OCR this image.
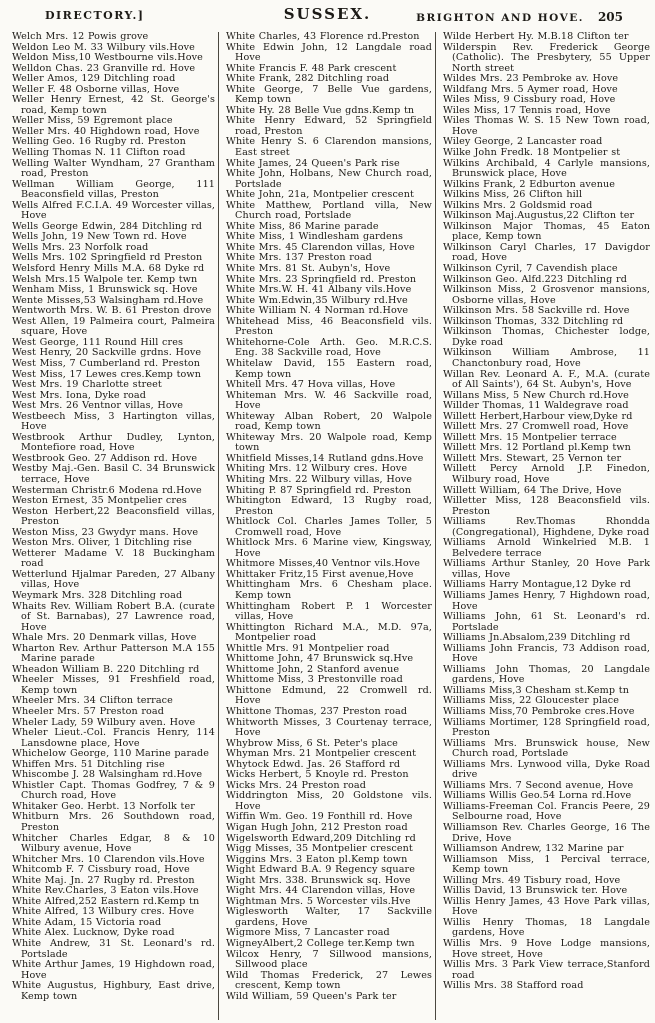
DIRECTORY.]	SUSSEX.	BRIGHTON AND HOVE. 205
Welch Mrs. 12 Powis grove
Weldon Leo M. 33 Wilbury vils.Hove
Weldon Miss,10 Westbourne vils.Hove
Welldon Chas. 23 Granville rd. Hove
Weller Amos, 129 Ditchling road
Weller F. 48 Osborne villas, Hove
Weller Henry Ernest, 42 St. George's road, Kemp town
Weller Miss, 59 Egremont place
Weller Mrs. 40 Highdown road, Hove
Welling Geo. 16 Rugby rd. Preston
Welling Thomas N. 11 Clifton road
Welling Walter Wyndham, 27 Grantham road, Preston
Wellman William George, 111 Beaconsfield villas, Preston
Wells Alfred F.C.I.A. 49 Worcester villas, Hove
Wells George Edwin, 284 Ditchling rd
Wells John, 19 New Town rd. Hove
Wells Mrs. 23 Norfolk road
Wells Mrs. 102 Springfield rd Preston
Welsford Henry Mills M.A. 68 Dyke rd
Welsh Mrs.15 Walpole ter. Kemp twn
Wenham Miss, 1 Brunswick sq. Hove
Wente Misses,53 Walsingham rd.Hove
Wentworth Mrs. W. B. 61 Preston drove
West Allen, 19 Palmeira court, Palmeira square, Hove
West George, 111 Round Hill cres
West Henry, 20 Sackville grdns. Hove
West Miss, 7 Cumberland rd. Preston
West Miss, 17 Lewes cres.Kemp town
West Mrs. 19 Charlotte street
West Mrs. Iona, Dyke road
West Mrs. 26 Ventnor villas, Hove
Westbeech Miss, 3 Hartington villas, Hove
Westbrook Arthur Dudley, Lynton, Montefiore road, Hove
Westbrook Geo. 27 Addison rd. Hove
Westby Maj.-Gen. Basil C. 34 Brunswick terrace, Hove
Westerman Christr.6 Modena rd.Hove
Weston Ernest, 35 Montpelier cres
Weston Herbert,22 Beaconsfield villas, Preston
Weston Miss, 23 Gwydyr mans. Hove
Weston Mrs. Oliver, 1 Ditchling rise
Wetterer Madame V. 18 Buckingham road
Wetterlund Hjalmar Pareden, 27 Albany villas, Hove
Weymark Mrs. 328 Ditchling road
Whaits Rev. William Robert B.A. (curate of St. Barnabas), 27 Lawrence road, Hove
Whale Mrs. 20 Denmark villas, Hove
Wharton Rev. Arthur Patterson M.A 155 Marine parade
Wheadon William B. 220 Ditchling rd
Wheeler Misses, 91 Freshfield road, Kemp town
Wheeler Mrs. 34 Clifton terrace
Wheeler Mrs. 57 Preston road
Wheler Lady, 59 Wilbury aven. Hove
Wheler Lieut.-Col. Francis Henry, 114 Lansdowne place, Hove
Whichelow George, 110 Marine parade
Whiffen Mrs. 51 Ditchling rise
Whiscombe J. 28 Walsingham rd.Hove
Whistler Capt. Thomas Godfrey, 7 & 9 Church road, Hove
Whitaker Geo. Herbt. 13 Norfolk ter
Whitburn Mrs. 26 Southdown road, Preston
Whitcher Charles Edgar, 8 & 10 Wilbury avenue, Hove
Whitcher Mrs. 10 Clarendon vils.Hove
Whitcomb F. 7 Cissbury road, Hove
White Maj. Jn. 27 Rugby rd. Preston
White Rev.Charles, 3 Eaton vils.Hove
White Alfred,252 Eastern rd.Kemp tn
White Alfred, 13 Wilbury cres. Hove
White Adam, 15 Victoria road
White Alex. Lucknow, Dyke road
White Andrew, 31 St. Leonard's rd. Portslade
White Arthur James, 19 Highdown road, Hove
White Augustus, Highbury, East drive, Kemp town
White Charles, 43 Florence rd.Preston
White Edwin John, 12 Langdale road Hove
White Francis F. 48 Park crescent
White Frank, 282 Ditchling road
White George, 7 Belle Vue gardens, Kemp town
White Hy. 28 Belle Vue gdns.Kemp tn
White Henry Edward, 52 Springfield road, Preston
White Henry S. 6 Clarendon mansions, East street
White James, 24 Queen's Park rise
White John, Holbans, New Church road, Portslade
White John, 21a, Montpelier crescent
White Matthew, Portland villa, New Church road, Portslade
White Miss, 86 Marine parade
White Miss, 1 Windlesham gardens
White Mrs. 45 Clarendon villas, Hove
White Mrs. 137 Preston road
White Mrs. 81 St. Aubyn's, Hove
White Mrs. 23 Springfield rd. Preston
White Mrs.W. H. 41 Albany vils.Hove
White Wm.Edwin,35 Wilbury rd.Hve
White William N. 4 Norman rd.Hove
Whitehead Miss, 46 Beaconsfield vils. Preston
Whitehorne-Cole Arth. Geo. M.R.C.S. Eng. 38 Sackville road, Hove
Whitelaw David, 155 Eastern road, Kemp town
Whitell Mrs. 47 Hova villas, Hove
Whiteman Mrs. W. 46 Sackville road, Hove
Whiteway Alban Robert, 20 Walpole road, Kemp town
Whiteway Mrs. 20 Walpole road, Kemp town
Whitfield Misses,14 Rutland gdns.Hove
Whiting Mrs. 12 Wilbury cres. Hove
Whiting Mrs. 22 Wilbury villas, Hove
Whiting P. 87 Springfield rd. Preston
Whitington Edward, 13 Rugby road, Preston
Whitlock Col. Charles James Toller, 5 Cromwell road, Hove
Whitlock Mrs. 6 Marine view, Kingsway, Hove
Whitmore Misses,40 Ventnor vils.Hove
Whittaker Fritz,15 First avenue,Hove
Whittingham Mrs. 6 Chesham place. Kemp town
Whittingham Robert P. 1 Worcester villas, Hove
Whittington Richard M.A., M.D. 97a, Montpelier road
Whittle Mrs. 91 Montpelier road
Whittome John, 47 Brunswick sq.Hve
Whittome John, 2 Stanford avenue
Whittome Miss, 3 Prestonville road
Whittone Edmund, 22 Cromwell rd. Hove
Whittone Thomas, 237 Preston road
Whitworth Misses, 3 Courtenay terrace, Hove
Whybrow Miss, 6 St. Peter's place
Whyman Mrs. 21 Montpelier crescent
Whytock Edwd. Jas. 26 Stafford rd
Wicks Herbert, 5 Knoyle rd. Preston
Wicks Mrs. 24 Preston road
Widdrington Miss, 20 Goldstone vils. Hove
Wiffin Wm. Geo. 19 Fonthill rd. Hove
Wigan Hugh John, 212 Preston road
Wigelsworth Edward,209 Ditchling rd
Wigg Misses, 35 Montpelier crescent
Wiggins Mrs. 3 Eaton pl.Kemp town
Wight Edward B.A. 9 Regency square
Wight Mrs. 338. Brunswick sq. Hove
Wight Mrs. 44 Clarendon villas, Hove
Wightman Mrs. 5 Worcester vils.Hve
Wiglesworth Walter, 17 Sackville gardens, Hove
Wigmore Miss, 7 Lancaster road
WigneyAlbert,2 College ter.Kemp twn
Wilcox Henry, 7 Sillwood mansions, Sillwood place
Wild Thomas Frederick, 27 Lewes crescent, Kemp town
Wild William, 59 Queen's Park ter
Wilde Herbert Hy. M.B.18 Clifton ter
Wilderspin Rev. Frederick George (Catholic). The Presbytery, 55 Upper North street
Wildes Mrs. 23 Pembroke av. Hove
Wildfang Mrs. 5 Aymer road, Hove
Wiles Miss, 9 Cissbury road, Hove
Wiles Miss, 17 Tennis road, Hove
Wiles Thomas W. S. 15 New Town road, Hove
Wiley George, 2 Lancaster road
Wilke John Fredk. 18 Montpelier st
Wilkins Archibald, 4 Carlyle mansions, Brunswick place, Hove
Wilkins Frank, 2 Edburton avenue
Wilkins Miss, 26 Clifton hill
Wilkins Mrs. 2 Goldsmid road
Wilkinson Maj.Augustus,22 Clifton ter
Wilkinson Major Thomas, 45 Eaton place, Kemp town
Wilkinson Caryl Charles, 17 Davigdor road, Hove
Wilkinson Cyril, 7 Cavendish place
Wilkinson Geo. Alfd.223 Ditchling rd
Wilkinson Miss, 2 Grosvenor mansions, Osborne villas, Hove
Wilkinson Mrs. 58 Sackville rd. Hove
Wilkinson Thomas, 332 Ditchling rd
Wilkinson Thomas, Chichester lodge, Dyke road
Wilkinson William Ambrose, 11 Chanctonbury road, Hove
Willan Rev. Leonard A. F., M.A. (curate of All Saints'), 64 St. Aubyn's, Hove
Willans Miss, 5 New Church rd.Hove
Willder Thomas, 11 Waldegrave road
Willett Herbert,Harbour view,Dyke rd
Willett Mrs. 27 Cromwell road, Hove
Willett Mrs. 15 Montpelier terrace
Willett Mrs. 12 Portland pl.Kemp twn
Willett Mrs. Stewart, 25 Vernon ter
Willett Percy Arnold J.P. Finedon, Wilbury road, Hove
Willett William, 64 The Drive, Hove
Willetter Miss, 128 Beaconsfield vils. Preston
Williams Rev.Thomas Rhondda (Congregational), Highdene, Dyke road
Williams Arnold Winkelried M.B. 1 Belvedere terrace
Williams Arthur Stanley, 20 Hove Park villas, Hove
Williams Harry Montague,12 Dyke rd
Williams James Henry, 7 Highdown road, Hove
Williams John, 61 St. Leonard's rd. Portslade
Williams Jn.Absalom,239 Ditchling rd
Williams John Francis, 73 Addison road, Hove
Williams John Thomas, 20 Langdale gardens, Hove
Williams Miss,3 Chesham st.Kemp tn
Williams Miss, 22 Gloucester place
Williams Miss,70 Pembroke cres.Hove
Williams Mortimer, 128 Springfield road, Preston
Williams Mrs. Brunswick house, New Church road, Portslade
Williams Mrs. Lynwood villa, Dyke Road drive
Williams Mrs. 7 Second avenue, Hove
Williams Willis Geo.54 Lorna rd.Hove
Williams-Freeman Col. Francis Peere, 29 Selbourne road, Hove
Williamson Rev. Charles George, 16 The Drive, Hove
Williamson Andrew, 132 Marine par
Williamson Miss, 1 Percival terrace, Kemp town
Willing Mrs. 49 Tisbury road, Hove
Willis David, 13 Brunswick ter. Hove
Willis Henry James, 43 Hove Park villas, Hove
Willis Henry Thomas, 18 Langdale gardens, Hove
Willis Mrs. 9 Hove Lodge mansions, Hove street, Hove
Willis Mrs. 3 Park View terrace,Stanford road
Willis Mrs. 38 Stafford road
